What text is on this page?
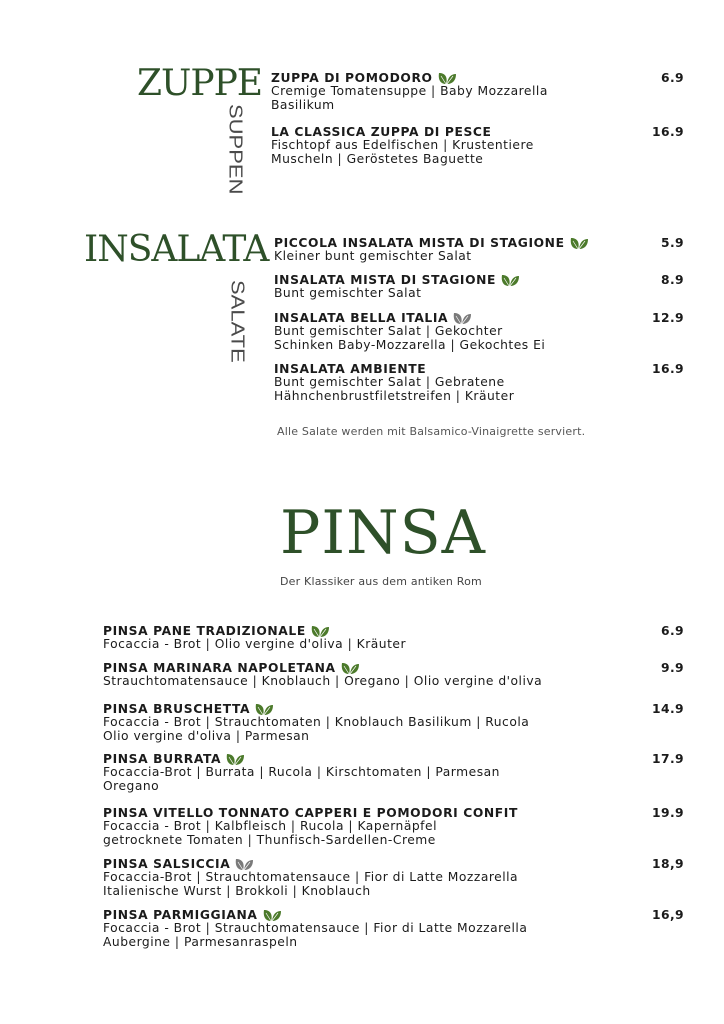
ZUPPE
SUPPEN
ZUPPA DI POMODORO
Cremige Tomatensuppe | Baby Mozzarella
Basilikum
6.9
LA CLASSICA ZUPPA DI PESCE
Fischtopf aus Edelfischen | Krustentiere
Muscheln | Geröstetes Baguette
16.9
INSALATA
SALATE
PICCOLA INSALATA MISTA DI STAGIONE
Kleiner bunt gemischter Salat
5.9
INSALATA MISTA DI STAGIONE
Bunt gemischter Salat
8.9
INSALATA BELLA ITALIA
Bunt gemischter Salat | Gekochter
Schinken Baby-Mozzarella | Gekochtes Ei
12.9
INSALATA AMBIENTE
Bunt gemischter Salat | Gebratene
Hähnchenbrustfiletstreifen | Kräuter
16.9
Alle Salate werden mit Balsamico-Vinaigrette serviert.
PINSA
Der Klassiker aus dem antiken Rom
PINSA PANE TRADIZIONALE
Focaccia - Brot | Olio vergine d'oliva | Kräuter
6.9
PINSA MARINARA NAPOLETANA
Strauchtomatensauce | Knoblauch | Oregano | Olio vergine d'oliva
9.9
PINSA BRUSCHETTA
Focaccia - Brot | Strauchtomaten | Knoblauch Basilikum | Rucola
Olio vergine d'oliva | Parmesan
14.9
PINSA BURRATA
Focaccia-Brot | Burrata | Rucola | Kirschtomaten | Parmesan
Oregano
17.9
PINSA VITELLO TONNATO CAPPERI E POMODORI CONFIT
Focaccia - Brot | Kalbfleisch | Rucola | Kapernäpfel
getrocknete Tomaten | Thunfisch-Sardellen-Creme
19.9
PINSA SALSICCIA
Focaccia-Brot | Strauchtomatensauce | Fior di Latte Mozzarella
Italienische Wurst | Brokkoli | Knoblauch
18,9
PINSA PARMIGGIANA
Focaccia - Brot | Strauchtomatensauce | Fior di Latte Mozzarella
Aubergine | Parmesanraspeln
16,9
